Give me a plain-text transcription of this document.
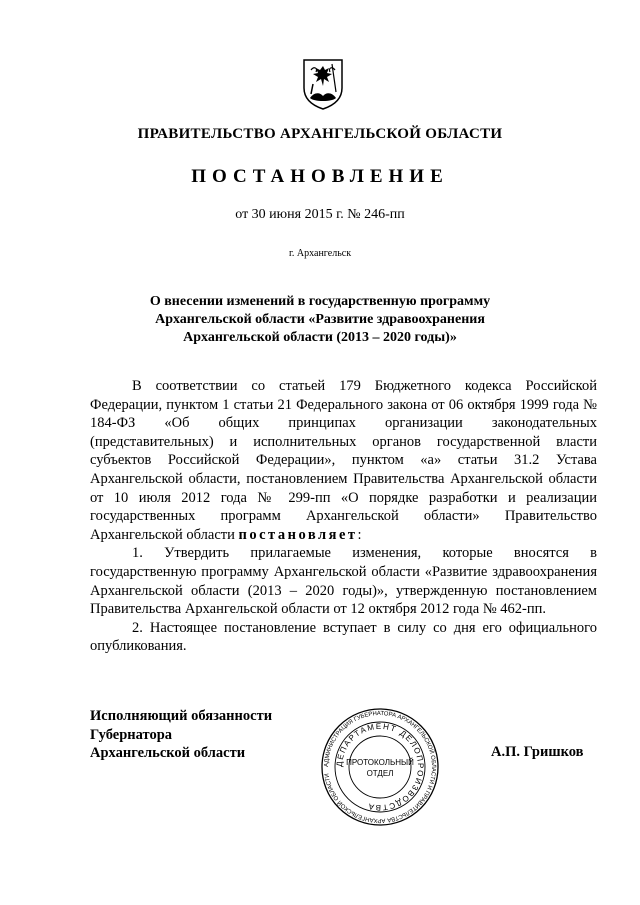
ПРАВИТЕЛЬСТВО АРХАНГЕЛЬСКОЙ ОБЛАСТИ
ПОСТАНОВЛЕНИЕ
от 30 июня 2015 г. № 246-пп
г. Архангельск
О внесении изменений в государственную программу
Архангельской области «Развитие здравоохранения
Архангельской области (2013 – 2020 годы)»

В соответствии со статьей 179 Бюджетного кодекса Российской Федерации, пунктом 1 статьи 21 Федерального закона от 06 октября 1999 года № 184-ФЗ «Об общих принципах организации законодательных (представительных) и исполнительных органов государственной власти субъектов Российской Федерации», пунктом «а» статьи 31.2 Устава Архангельской области, постановлением Правительства Архангельской области от 10 июля 2012 года № 299-пп «О порядке разработки и реализации государственных программ Архангельской области» Правительство Архангельской области постановляет:

1. Утвердить прилагаемые изменения, которые вносятся в государственную программу Архангельской области «Развитие здравоохранения Архангельской области (2013 – 2020 годы)», утвержденную постановлением Правительства Архангельской области от 12 октября 2012 года № 462-пп.

2. Настоящее постановление вступает в силу со дня его официального опубликования.

Исполняющий обязанности
Губернатора
Архангельской области
АДМИНИСТРАЦИЯ ГУБЕРНАТОРА АРХАНГЕЛЬСКОЙ ОБЛАСТИ И ПРАВИТЕЛЬСТВА АРХАНГЕЛЬСКОЙ ОБЛАСТИ
ДЕПАРТАМЕНТ ДЕЛОПРОИЗВОДСТВА
ПРОТОКОЛЬНЫЙ
ОТДЕЛ
А.П. Гришков
